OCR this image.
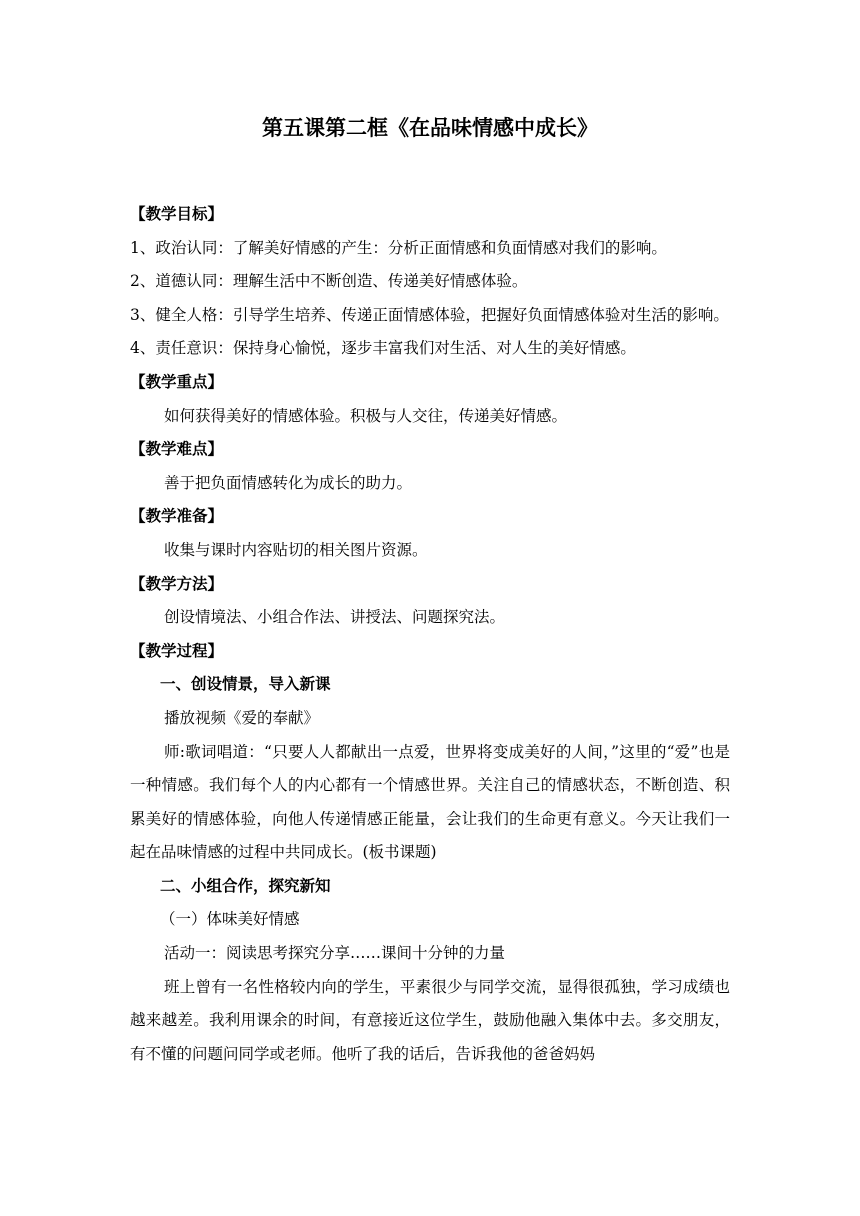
第五课第二框《在品味情感中成长》
【教学目标】
1、政治认同：了解美好情感的产生：分析正面情感和负面情感对我们的影响。
2、道德认同：理解生活中不断创造、传递美好情感体验。
3、健全人格：引导学生培养、传递正面情感体验，把握好负面情感体验对生活的影响。
4、责任意识：保持身心愉悦，逐步丰富我们对生活、对人生的美好情感。
【教学重点】
如何获得美好的情感体验。积极与人交往，传递美好情感。
【教学难点】
善于把负面情感转化为成长的助力。
【教学准备】
收集与课时内容贴切的相关图片资源。
【教学方法】
创设情境法、小组合作法、讲授法、问题探究法。
【教学过程】
一、创设情景，导入新课
播放视频《爱的奉献》
师:歌词唱道：“只要人人都献出一点爱，世界将变成美好的人间，”这里的“爱”也是一种情感。我们每个人的内心都有一个情感世界。关注自己的情感状态，不断创造、积累美好的情感体验，向他人传递情感正能量，会让我们的生命更有意义。今天让我们一起在品味情感的过程中共同成长。(板书课题)
二、小组合作，探究新知
（一）体味美好情感
活动一：阅读思考探究分享……课间十分钟的力量
班上曾有一名性格较内向的学生，平素很少与同学交流，显得很孤独，学习成绩也越来越差。我利用课余的时间，有意接近这位学生，鼓励他融入集体中去。多交朋友，有不懂的问题问同学或老师。他听了我的话后，告诉我他的爸爸妈妈
